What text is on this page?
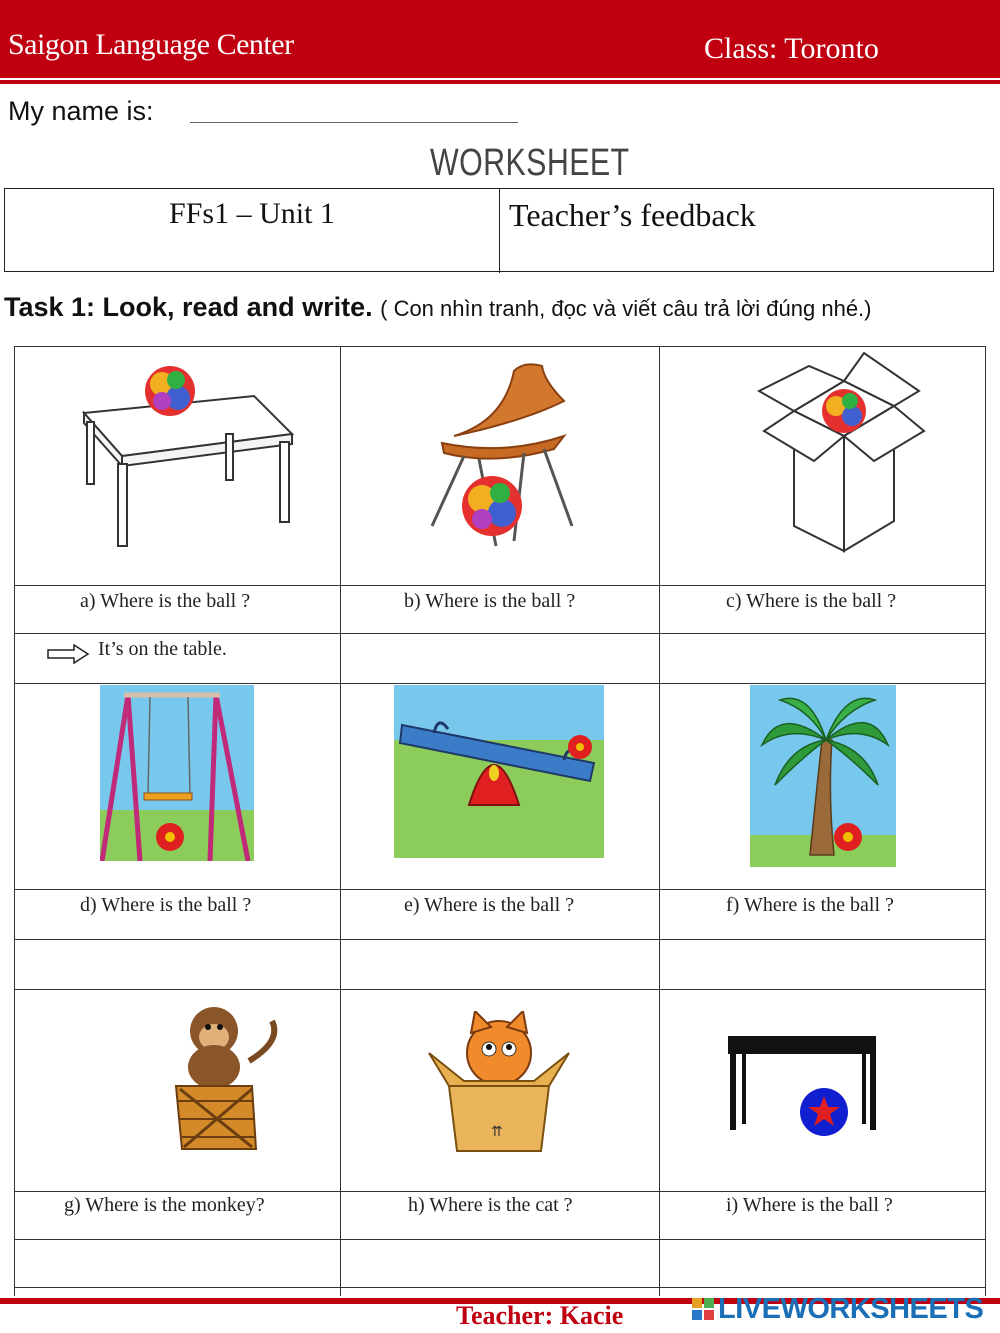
Saigon Language Center	Class: Toronto
My name is:
WORKSHEET
FFs1 – Unit 1	Teacher’s feedback
Task 1: Look, read and write. ( Con nhìn tranh, đọc và viết câu trả lời đúng nhé.)
a) Where is the ball ?	b) Where is the ball ?	c) Where is the ball ?
It’s on the table.
d) Where is the ball ?	e) Where is the ball ?	f) Where is the ball ?
⇈
g) Where is the monkey?	h) Where is the cat ?	i) Where is the ball ?
Teacher: Kacie	LIVEWORKSHEETS
